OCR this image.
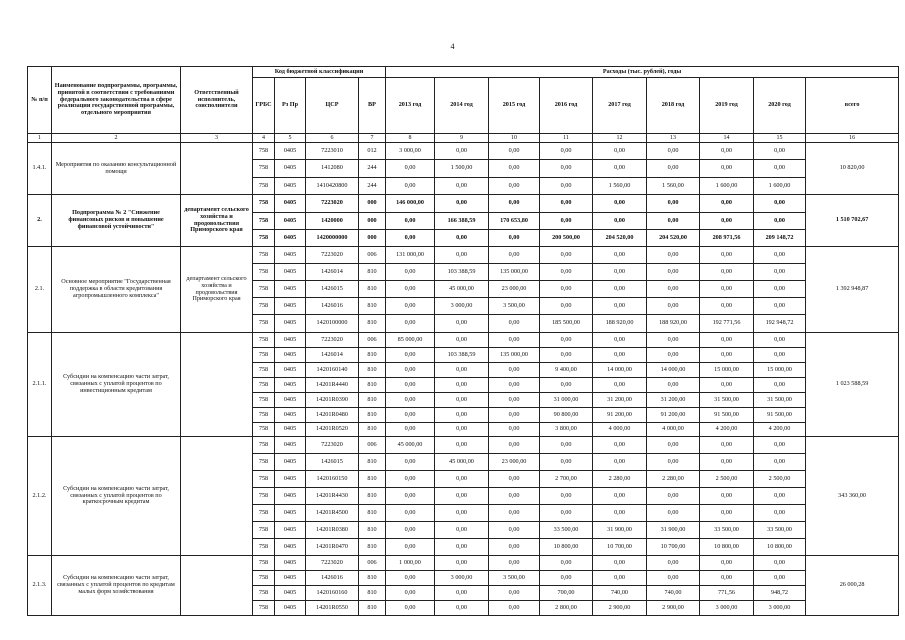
4
№ п/п	Наименование подпрограммы, программы, принятой в соответствии с требованиями федерального законодательства в сфере реализации государственной программы, отдельного мероприятия	Ответственный исполнитель, соисполнители	Код бюджетной классификации				Расходы (тыс. рублей), годы								
			ГРБС	Рз Пр	ЦСР	ВР	2013 год	2014 год	2015 год	2016 год	2017 год	2018 год	2019 год	2020 год	всего
1	2	3	4	5	6	7	8	9	10	11	12	13	14	15	16
1.4.1.	Мероприятия по оказанию консультационной помощи		758	0405	7223010	012	3 000,00	0,00	0,00	0,00	0,00	0,00	0,00	0,00	10 820,00
			758	0405	1412080	244	0,00	1 500,00	0,00	0,00	0,00	0,00	0,00	0,00	
			758	0405	1410420800	244	0,00	0,00	0,00	0,00	1 560,00	1 560,00	1 600,00	1 600,00	
2.	Подпрограмма № 2 "Снижение финансовых рисков и повышение финансовой устойчивости"	департамент сельского хозяйства и продовольствия Приморского края	758	0405	7223020	000	146 000,00	0,00	0,00	0,00	0,00	0,00	0,00	0,00	1 510 702,67
			758	0405	1420000	000	0,00	166 388,59	170 653,80	0,00	0,00	0,00	0,00	0,00	
			758	0405	1420000000	000	0,00	0,00	0,00	200 500,00	204 520,00	204 520,00	208 971,56	209 148,72	
2.1.	Основное мероприятие "Государственная поддержка в области кредитования агропромышленного комплекса"	департамент сельского хозяйства и продовольствия Приморского края	758	0405	7223020	006	131 000,00	0,00	0,00	0,00	0,00	0,00	0,00	0,00	1 392 948,87
			758	0405	1426014	810	0,00	103 388,59	135 000,00	0,00	0,00	0,00	0,00	0,00	
			758	0405	1426015	810	0,00	45 000,00	23 000,00	0,00	0,00	0,00	0,00	0,00	
			758	0405	1426016	810	0,00	3 000,00	3 500,00	0,00	0,00	0,00	0,00	0,00	
			758	0405	1420100000	810	0,00	0,00	0,00	185 500,00	188 920,00	188 920,00	192 771,56	192 948,72	
2.1.1.	Субсидии на компенсацию части затрат, связанных с уплатой процентов по инвестиционным кредитам		758	0405	7223020	006	85 000,00	0,00	0,00	0,00	0,00	0,00	0,00	0,00	1 023 588,59
			758	0405	1426014	810	0,00	103 388,59	135 000,00	0,00	0,00	0,00	0,00	0,00	
			758	0405	1420160140	810	0,00	0,00	0,00	9 400,00	14 000,00	14 000,00	15 000,00	15 000,00	
			758	0405	14201R4440	810	0,00	0,00	0,00	0,00	0,00	0,00	0,00	0,00	
			758	0405	14201R0390	810	0,00	0,00	0,00	31 000,00	31 200,00	31 200,00	31 500,00	31 500,00	
			758	0405	14201R0480	810	0,00	0,00	0,00	90 800,00	91 200,00	91 200,00	91 500,00	91 500,00	
			758	0405	14201R0520	810	0,00	0,00	0,00	3 800,00	4 000,00	4 000,00	4 200,00	4 200,00	
2.1.2.	Субсидии на компенсацию части затрат, связанных с уплатой процентов по краткосрочным кредитам		758	0405	7223020	006	45 000,00	0,00	0,00	0,00	0,00	0,00	0,00	0,00	343 360,00
			758	0405	1426015	810	0,00	45 000,00	23 000,00	0,00	0,00	0,00	0,00	0,00	
			758	0405	1420160150	810	0,00	0,00	0,00	2 700,00	2 280,00	2 280,00	2 500,00	2 500,00	
			758	0405	14201R4430	810	0,00	0,00	0,00	0,00	0,00	0,00	0,00	0,00	
			758	0405	14201R4500	810	0,00	0,00	0,00	0,00	0,00	0,00	0,00	0,00	
			758	0405	14201R0380	810	0,00	0,00	0,00	33 500,00	31 900,00	31 900,00	33 500,00	33 500,00	
			758	0405	14201R0470	810	0,00	0,00	0,00	10 800,00	10 700,00	10 700,00	10 800,00	10 800,00	
2.1.3.	Субсидии на компенсацию части затрат, связанных с уплатой процентов по кредитам малых форм хозяйствования		758	0405	7223020	006	1 000,00	0,00	0,00	0,00	0,00	0,00	0,00	0,00	26 000,28
			758	0405	1426016	810	0,00	3 000,00	3 500,00	0,00	0,00	0,00	0,00	0,00	
			758	0405	1420160160	810	0,00	0,00	0,00	700,00	740,00	740,00	771,56	948,72	
			758	0405	14201R0550	810	0,00	0,00	0,00	2 800,00	2 900,00	2 900,00	3 000,00	3 000,00	
